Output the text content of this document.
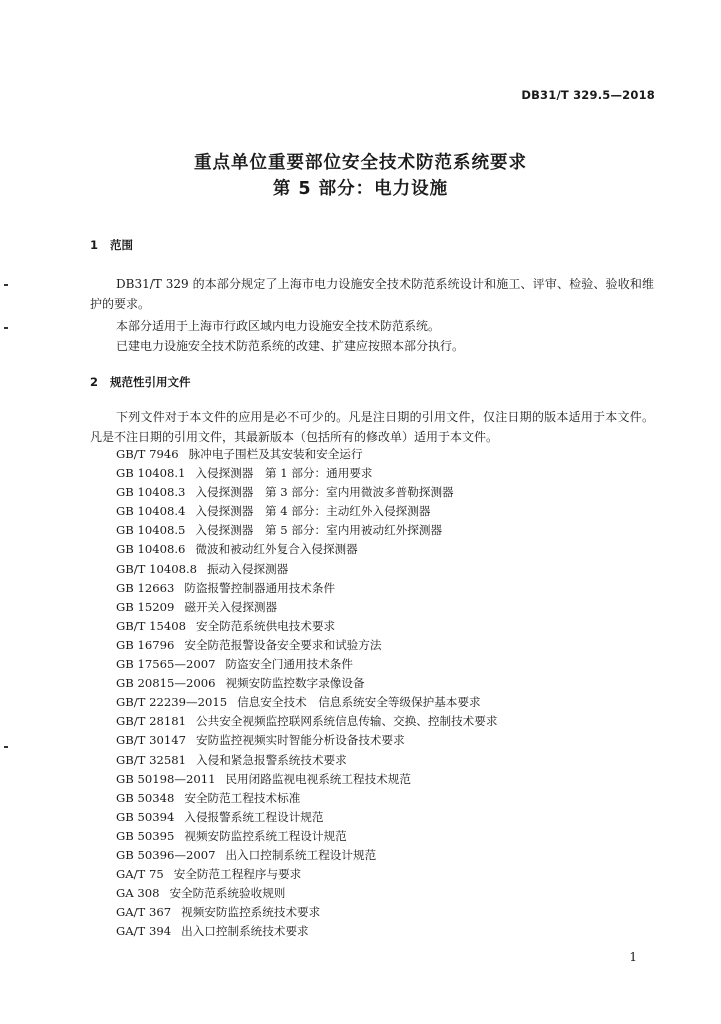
DB31/T 329.5—2018
重点单位重要部位安全技术防范系统要求
第 5 部分：电力设施
1 范围
DB31/T 329 的本部分规定了上海市电力设施安全技术防范系统设计和施工、评审、检验、验收和维护的要求。
本部分适用于上海市行政区域内电力设施安全技术防范系统。
已建电力设施安全技术防范系统的改建、扩建应按照本部分执行。
2 规范性引用文件
下列文件对于本文件的应用是必不可少的。凡是注日期的引用文件，仅注日期的版本适用于本文件。凡是不注日期的引用文件，其最新版本（包括所有的修改单）适用于本文件。
GB/T 7946 脉冲电子围栏及其安装和安全运行
GB 10408.1 入侵探测器　第 1 部分：通用要求
GB 10408.3 入侵探测器　第 3 部分：室内用微波多普勒探测器
GB 10408.4 入侵探测器　第 4 部分：主动红外入侵探测器
GB 10408.5 入侵探测器　第 5 部分：室内用被动红外探测器
GB 10408.6 微波和被动红外复合入侵探测器
GB/T 10408.8 振动入侵探测器
GB 12663 防盗报警控制器通用技术条件
GB 15209 磁开关入侵探测器
GB/T 15408 安全防范系统供电技术要求
GB 16796 安全防范报警设备安全要求和试验方法
GB 17565—2007 防盗安全门通用技术条件
GB 20815—2006 视频安防监控数字录像设备
GB/T 22239—2015 信息安全技术　信息系统安全等级保护基本要求
GB/T 28181 公共安全视频监控联网系统信息传输、交换、控制技术要求
GB/T 30147 安防监控视频实时智能分析设备技术要求
GB/T 32581 入侵和紧急报警系统技术要求
GB 50198—2011 民用闭路监视电视系统工程技术规范
GB 50348 安全防范工程技术标准
GB 50394 入侵报警系统工程设计规范
GB 50395 视频安防监控系统工程设计规范
GB 50396—2007 出入口控制系统工程设计规范
GA/T 75 安全防范工程程序与要求
GA 308 安全防范系统验收规则
GA/T 367 视频安防监控系统技术要求
GA/T 394 出入口控制系统技术要求
1
